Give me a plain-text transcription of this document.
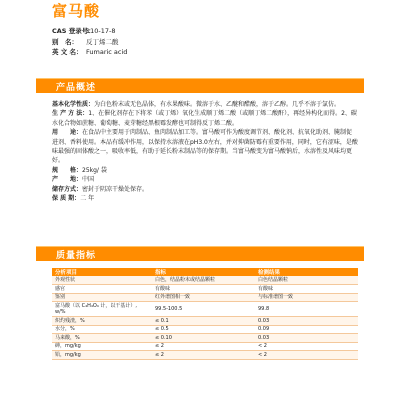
富马酸
CAS 登录号：
110-17-8
别　名：	反丁烯二酸
英 文 名： Fumaric acid
产品概述

基本化学性质：为白色粉末或无色晶体，有水果酸味。微溶于水、乙醚和醋酸，溶于乙醇。几乎不溶于氯仿。

生 产 方 法：1、在催化剂存在下将苯（或丁烯）氧化生成顺丁烯二酸（或顺丁烯二酸酐），再经异构化而得。2、碳水化合物如蔗糖、葡萄糖、麦芽糖经黑根霉发酵也可制得反丁烯二酸。

用　　途：在食品中主要用于肉制品、鱼肉制品加工等。富马酸可作为酸度调节剂、酸化剂、抗氧化助剂、腌制促进剂、香料使用。本品有缓冲作用，以保持水溶液在pH3.0左右，并对抑菌防霉有重要作用，同时，它有涩味，是酸味最强的固体酸之一，吸收率低，有助于延长粉末制品等的保存期。当富马酸变为富马酸钠后，水溶性及风味均更好。

规　　格：25kg/ 袋

产　　地：中国

储存方式：密封于阴凉干燥处保存。

保 质 期：二 年

质量指标
分析项目	指标	检测结果
外观性状	白色，结晶粉末或结晶颗粒	白色结晶颗粒
感官	有酸味	有酸味
鉴别	红外谱图相一致	与标准谱图一致
富马酸（以 C₄H₄O₄ 计，以干基计）, w/%	99.5-100.5	99.8
炽灼残渣，%	≤ 0.1	0.03
水分，%	≤ 0.5	0.09
马来酸，%	≤ 0.10	0.03
砷，mg/kg	≤ 2	< 2
铅，mg/kg	≤ 2	< 2
